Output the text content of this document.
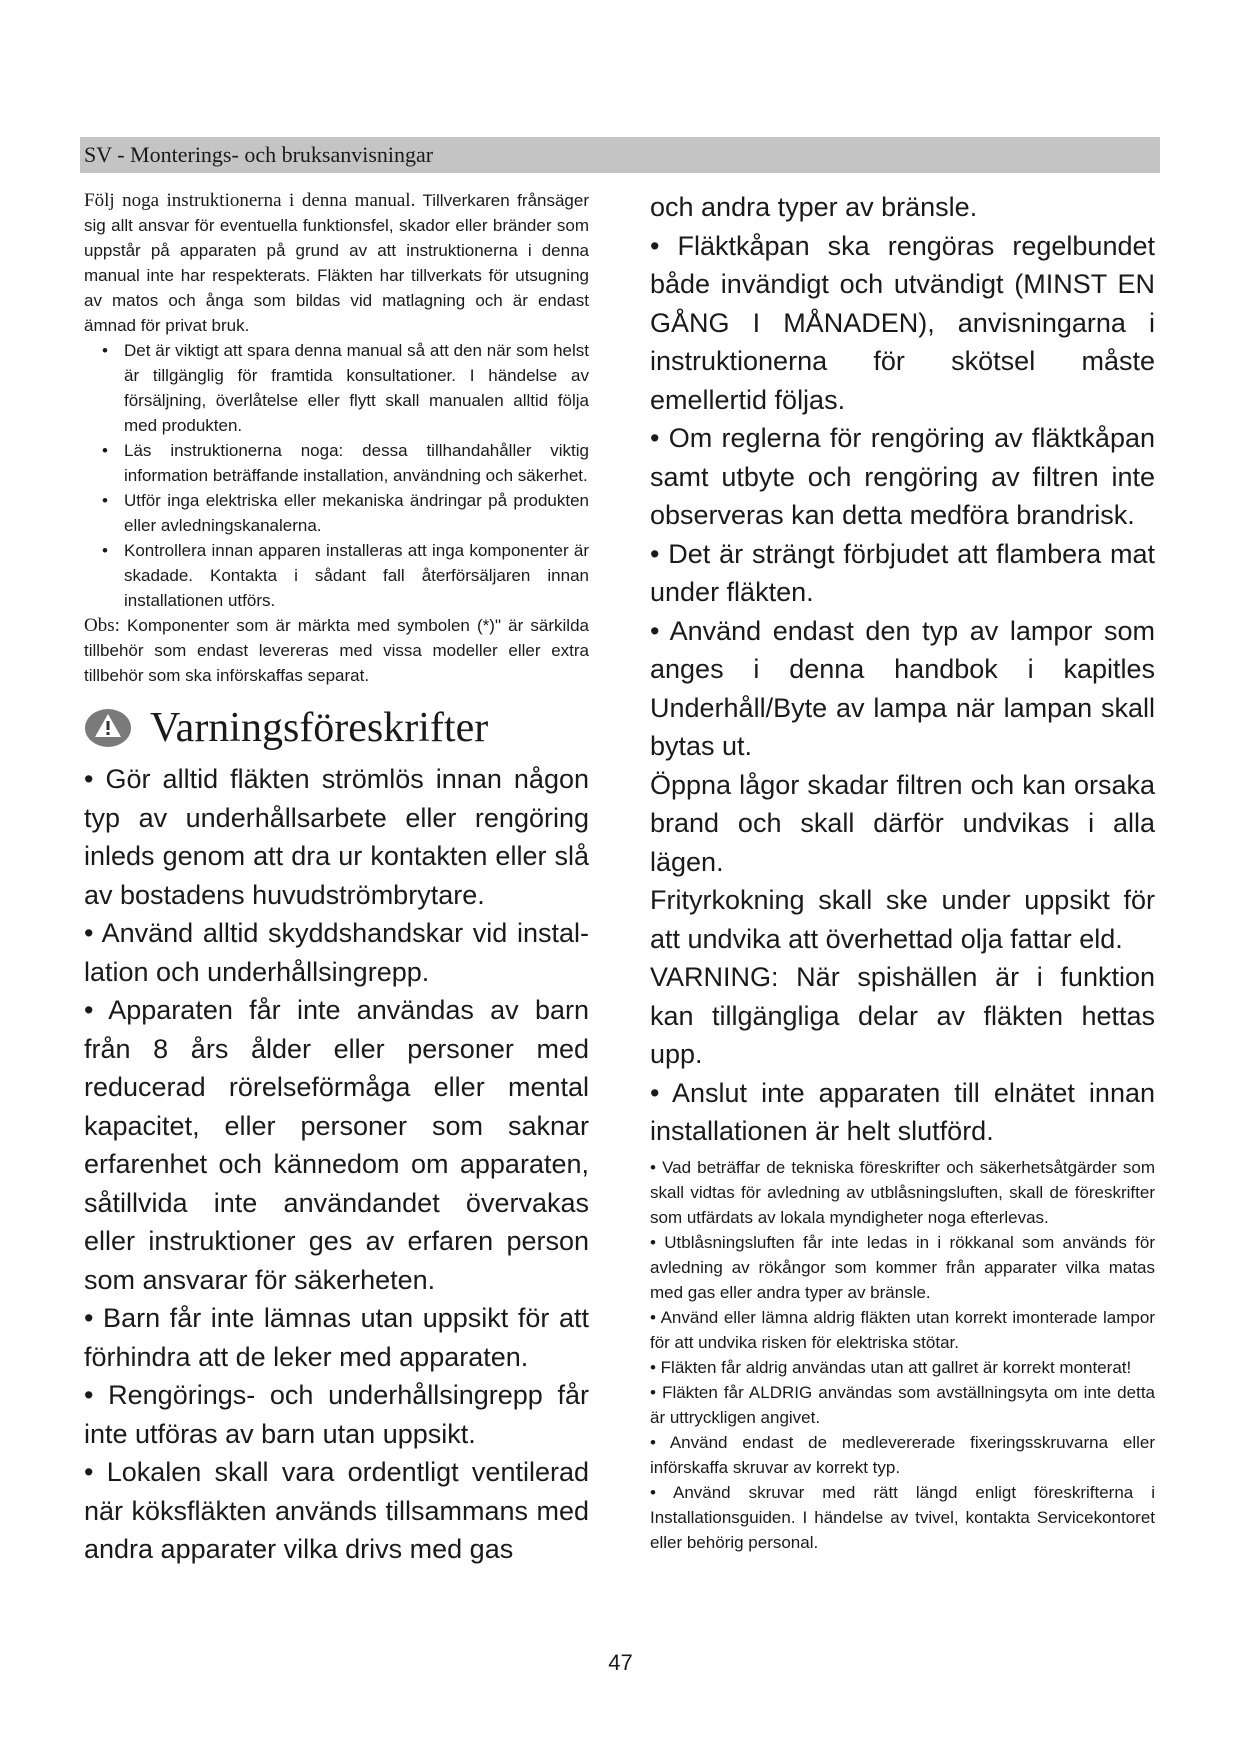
SV - Monterings- och bruksanvisningar

Följ noga instruktionerna i denna manual. Tillverkaren frånsäger sig allt ansvar för eventuella funktionsfel, skador eller bränder som uppstår på apparaten på grund av att instruktionerna i denna manual inte har respekterats. Fläkten har tillverkats för utsugning av matos och ånga som bildas vid matlagning och är endast ämnad för privat bruk.

• Det är viktigt att spara denna manual så att den när som helst är tillgänglig för framtida konsultationer. I händelse av försäljning, överlåtelse eller flytt skall manualen alltid följa med produkten.

• Läs instruktionerna noga: dessa tillhandahåller viktig information beträffande installation, användning och säkerhet.

• Utför inga elektriska eller mekaniska ändringar på produkten eller avledningskanalerna.

• Kontrollera innan apparen installeras att inga komponenter är skadade. Kontakta i sådant fall återförsäljaren innan installationen utförs.

Obs: Komponenter som är märkta med symbolen (*)" är särkilda tillbehör som endast levereras med vissa modeller eller extra tillbehör som ska införskaffas separat.

Varningsföreskrifter

• Gör alltid fläkten strömlös innan någon typ av underhållsarbete eller rengöring inleds genom att dra ur kontakten eller slå av bostadens huvudströmbrytare.

• Använd alltid skyddshandskar vid instal-lation och underhållsingrepp.

• Apparaten får inte användas av barn från 8 års ålder eller personer med reducerad rörelseförmåga eller mental kapacitet, eller personer som saknar erfarenhet och kännedom om apparaten, såtillvida inte användandet övervakas eller instruktioner ges av erfaren person som ansvarar för säkerheten.

• Barn får inte lämnas utan uppsikt för att förhindra att de leker med apparaten.

• Rengörings- och underhållsingrepp får inte utföras av barn utan uppsikt.

• Lokalen skall vara ordentligt ventilerad när köksfläkten används tillsammans med andra apparater vilka drivs med gas

och andra typer av bränsle.

• Fläktkåpan ska rengöras regelbundet både invändigt och utvändigt (MINST EN GÅNG I MÅNADEN), anvisningarna i instruktionerna för skötsel måste emellertid följas.

• Om reglerna för rengöring av fläktkåpan samt utbyte och rengöring av filtren inte observeras kan detta medföra brandrisk.

• Det är strängt förbjudet att flambera mat under fläkten.

• Använd endast den typ av lampor som anges i denna handbok i kapitles Underhåll/Byte av lampa när lampan skall bytas ut.

Öppna lågor skadar filtren och kan orsaka brand och skall därför undvikas i alla lägen.

Frityrkokning skall ske under uppsikt för att undvika att överhettad olja fattar eld.

VARNING: När spishällen är i funktion kan tillgängliga delar av fläkten hettas upp.

• Anslut inte apparaten till elnätet innan installationen är helt slutförd.

• Vad beträffar de tekniska föreskrifter och säkerhetsåtgärder som skall vidtas för avledning av utblåsningsluften, skall de föreskrifter som utfärdats av lokala myndigheter noga efterlevas.

• Utblåsningsluften får inte ledas in i rökkanal som används för avledning av rökångor som kommer från apparater vilka matas med gas eller andra typer av bränsle.

• Använd eller lämna aldrig fläkten utan korrekt imonterade lampor för att undvika risken för elektriska stötar.

• Fläkten får aldrig användas utan att gallret är korrekt monterat!

• Fläkten får ALDRIG användas som avställningsyta om inte detta är uttryckligen angivet.

• Använd endast de medlevererade fixeringsskruvarna eller införskaffa skruvar av korrekt typ.

• Använd skruvar med rätt längd enligt föreskrifterna i Installationsguiden. I händelse av tvivel, kontakta Servicekontoret eller behörig personal.

47
